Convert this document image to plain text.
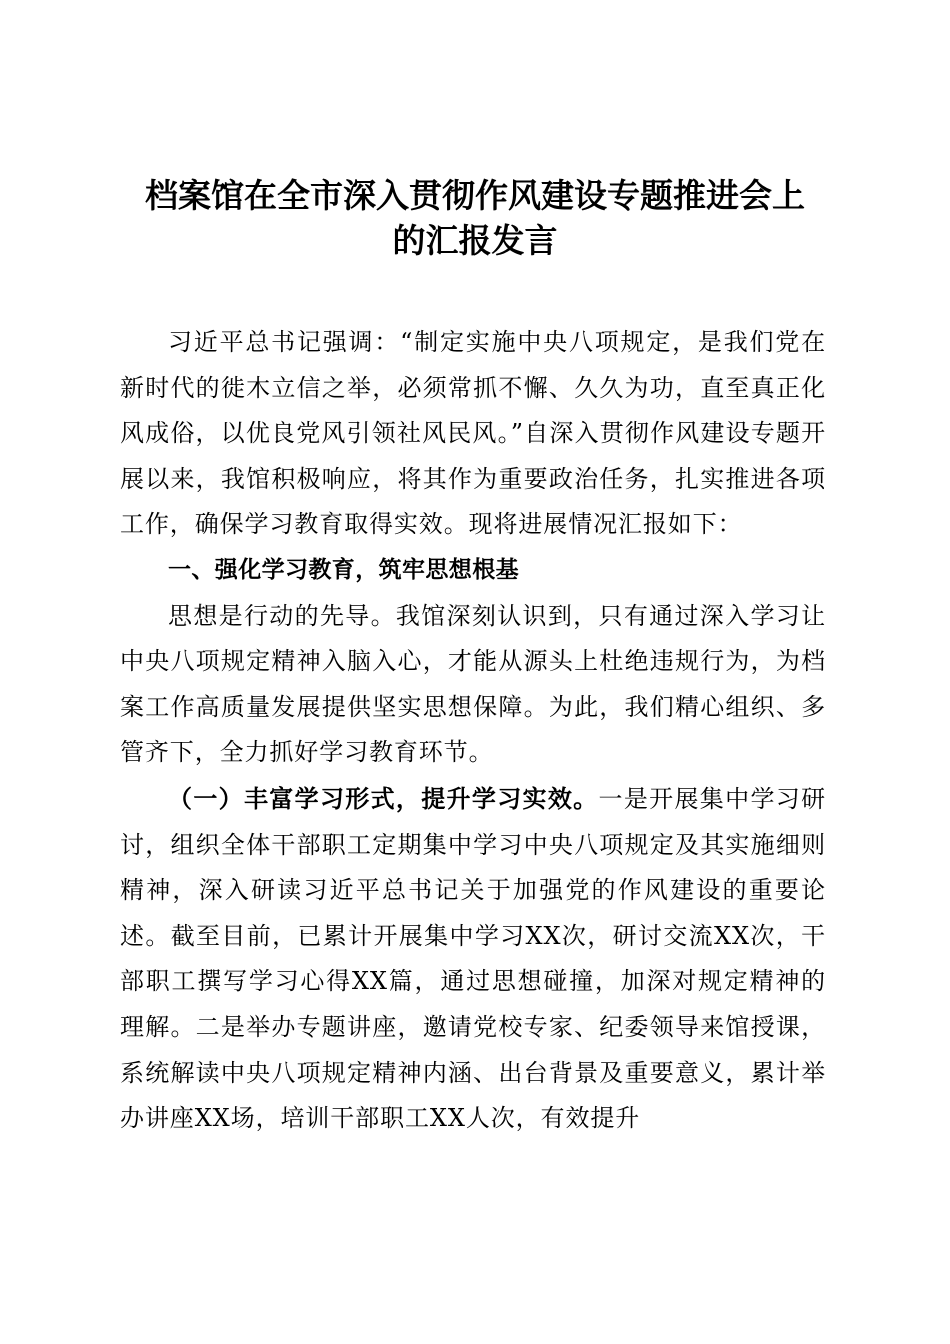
档案馆在全市深入贯彻作风建设专题推进会上
的汇报发言

习近平总书记强调：“制定实施中央八项规定，是我们党在新时代的徙木立信之举，必须常抓不懈、久久为功，直至真正化风成俗，以优良党风引领社风民风。”自深入贯彻作风建设专题开展以来，我馆积极响应，将其作为重要政治任务，扎实推进各项工作，确保学习教育取得实效。现将进展情况汇报如下：

一、强化学习教育，筑牢思想根基

思想是行动的先导。我馆深刻认识到，只有通过深入学习让中央八项规定精神入脑入心，才能从源头上杜绝违规行为，为档案工作高质量发展提供坚实思想保障。为此，我们精心组织、多管齐下，全力抓好学习教育环节。

（一）丰富学习形式，提升学习实效。一是开展集中学习研讨，组织全体干部职工定期集中学习中央八项规定及其实施细则精神，深入研读习近平总书记关于加强党的作风建设的重要论述。截至目前，已累计开展集中学习XX次，研讨交流XX次，干部职工撰写学习心得XX篇，通过思想碰撞，加深对规定精神的理解。二是举办专题讲座，邀请党校专家、纪委领导来馆授课，系统解读中央八项规定精神内涵、出台背景及重要意义，累计举办讲座XX场，培训干部职工XX人次，有效提升
